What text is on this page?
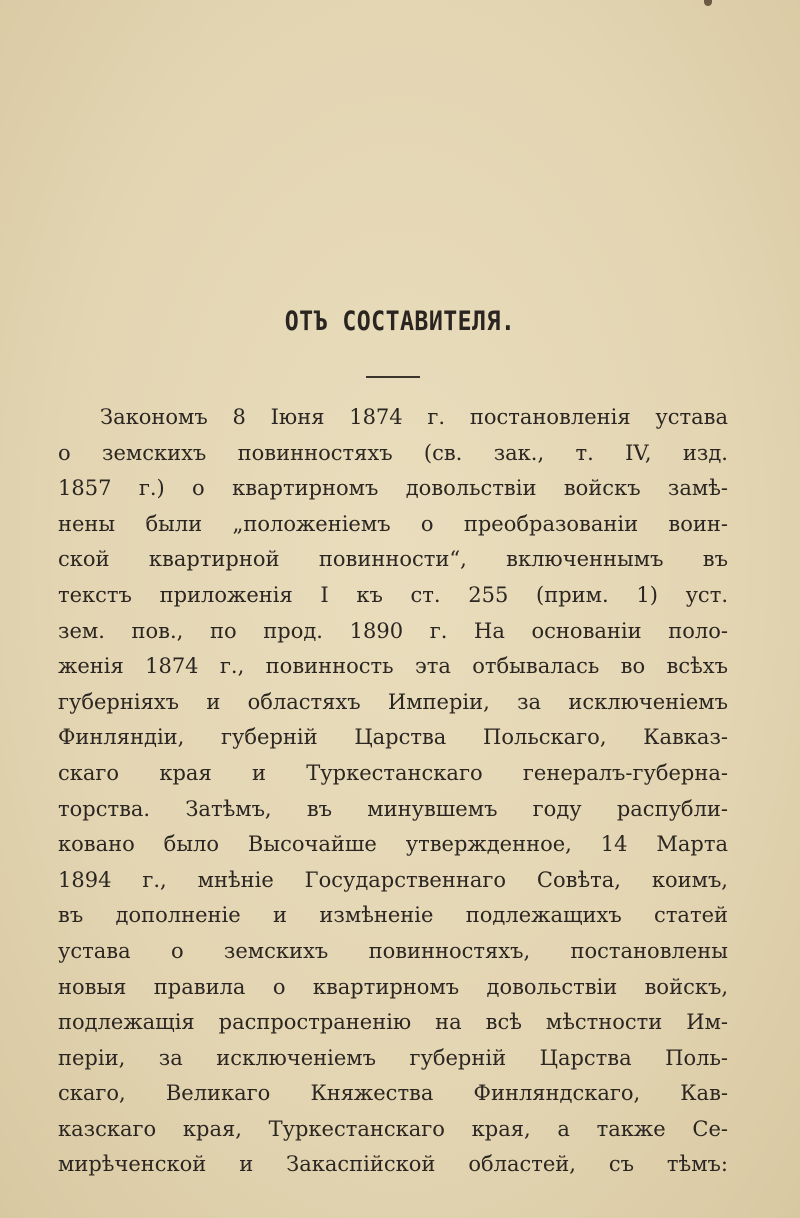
ОТЪ СОСТАВИТЕЛЯ.
Закономъ 8 Іюня 1874 г. постановленія устава
о земскихъ повинностяхъ (св. зак., т. IV, изд.
1857 г.) о квартирномъ довольствіи войскъ замѣ-
нены были „положеніемъ о преобразованіи воин-
ской квартирной повинности“, включеннымъ въ
текстъ приложенія I къ ст. 255 (прим. 1) уст.
зем. пов., по прод. 1890 г. На основаніи поло-
женія 1874 г., повинность эта отбывалась во всѣхъ
губерніяхъ и областяхъ Имперіи, за исключеніемъ
Финляндіи, губерній Царства Польскаго, Кавказ-
скаго края и Туркестанскаго генералъ-губерна-
торства. Затѣмъ, въ минувшемъ году распубли-
ковано было Высочайше утвержденное, 14 Марта
1894 г., мнѣніе Государственнаго Совѣта, коимъ,
въ дополненіе и измѣненіе подлежащихъ статей
устава о земскихъ повинностяхъ, постановлены
новыя правила о квартирномъ довольствіи войскъ,
подлежащія распространенію на всѣ мѣстности Им-
періи, за исключеніемъ губерній Царства Поль-
скаго, Великаго Княжества Финляндскаго, Кав-
казскаго края, Туркестанскаго края, а также Се-
мирѣченской и Закаспійской областей, съ тѣмъ:
